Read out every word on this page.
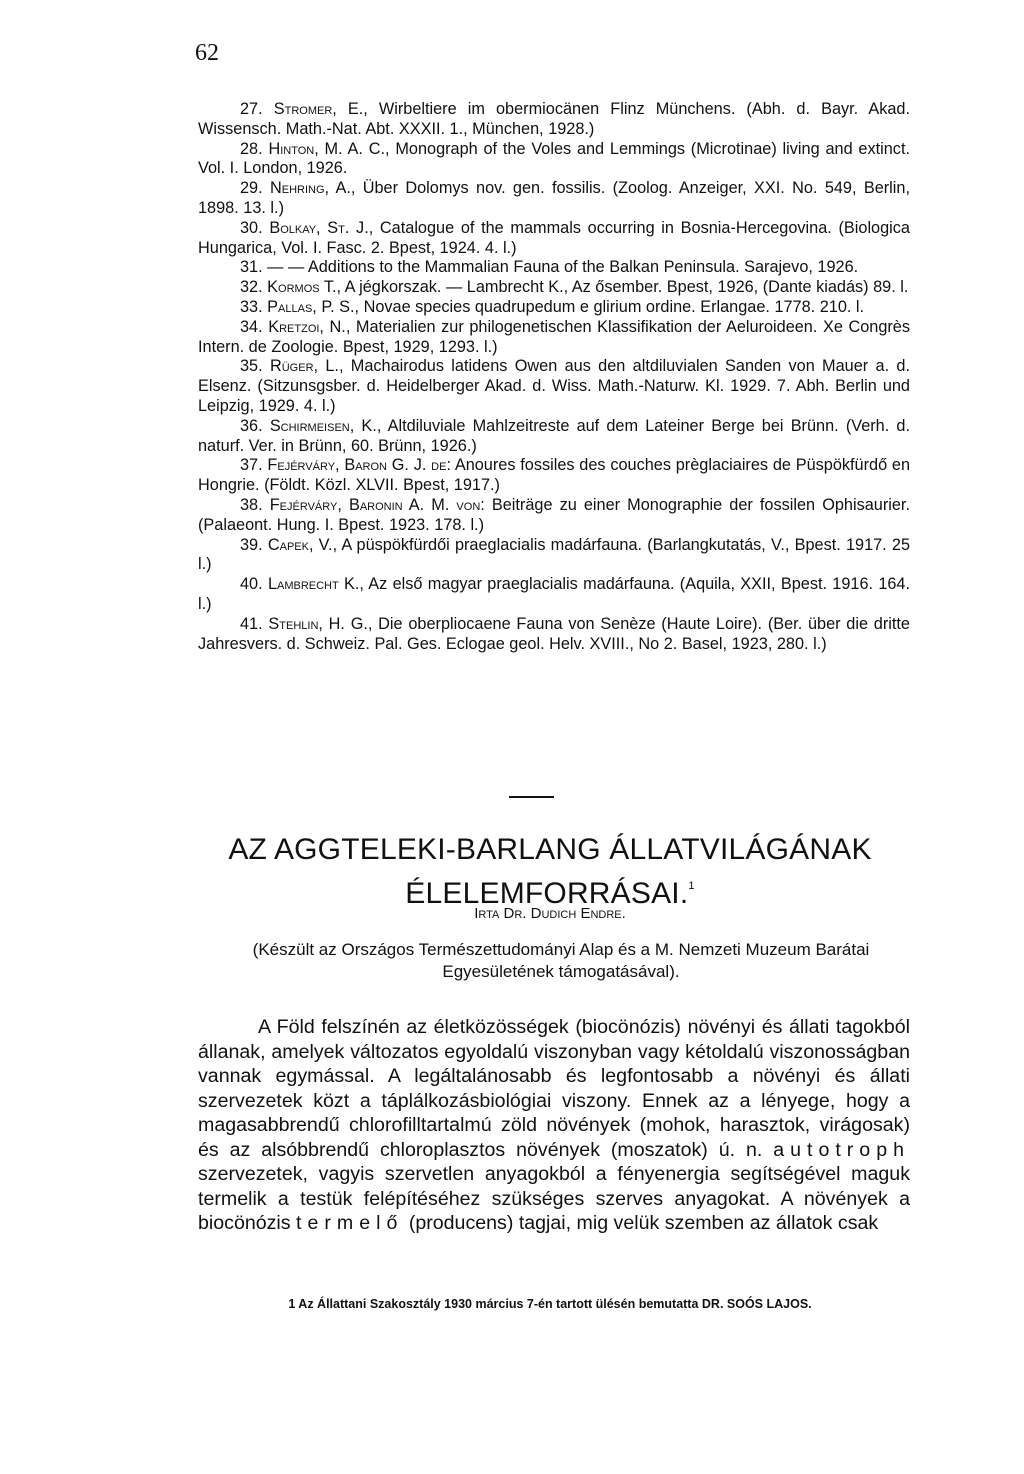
62

27. Stromer, E., Wirbeltiere im obermiocänen Flinz Münchens. (Abh. d. Bayr. Akad. Wissensch. Math.-Nat. Abt. XXXII. 1., München, 1928.)

28. Hinton, M. A. C., Monograph of the Voles and Lemmings (Microtinae) living and extinct. Vol. I. London, 1926.

29. Nehring, A., Über Dolomys nov. gen. fossilis. (Zoolog. Anzeiger, XXI. No. 549, Berlin, 1898. 13. l.)

30. Bolkay, St. J., Catalogue of the mammals occurring in Bosnia-Hercegovina. (Biologica Hungarica, Vol. I. Fasc. 2. Bpest, 1924. 4. l.)

31. — — Additions to the Mammalian Fauna of the Balkan Peninsula. Sarajevo, 1926.

32. Kormos T., A jégkorszak. — Lambrecht K., Az ősember. Bpest, 1926, (Dante kiadás) 89. l.

33. Pallas, P. S., Novae species quadrupedum e glirium ordine. Erlangae. 1778. 210. l.

34. Kretzoi, N., Materialien zur philogenetischen Klassifikation der Aeluroideen. Xe Congrès Intern. de Zoologie. Bpest, 1929, 1293. l.)

35. Rüger, L., Machairodus latidens Owen aus den altdiluvialen Sanden von Mauer a. d. Elsenz. (Sitzunsgsber. d. Heidelberger Akad. d. Wiss. Math.-Naturw. Kl. 1929. 7. Abh. Berlin und Leipzig, 1929. 4. l.)

36. Schirmeisen, K., Altdiluviale Mahlzeitreste auf dem Lateiner Berge bei Brünn. (Verh. d. naturf. Ver. in Brünn, 60. Brünn, 1926.)

37. Fejérváry, Baron G. J. de: Anoures fossiles des couches prèglaciaires de Püspökfürdő en Hongrie. (Földt. Közl. XLVII. Bpest, 1917.)

38. Fejérváry, Baronin A. M. von: Beiträge zu einer Monographie der fossilen Ophisaurier. (Palaeont. Hung. I. Bpest. 1923. 178. l.)

39. Capek, V., A püspökfürdői praeglacialis madárfauna. (Barlangkutatás, V., Bpest. 1917. 25 l.)

40. Lambrecht K., Az első magyar praeglacialis madárfauna. (Aquila, XXII, Bpest. 1916. 164. l.)

41. Stehlin, H. G., Die oberpliocaene Fauna von Senèze (Haute Loire). (Ber. über die dritte Jahresvers. d. Schweiz. Pal. Ges. Eclogae geol. Helv. XVIII., No 2. Basel, 1923, 280. l.)

AZ AGGTELEKI-BARLANG ÁLLATVILÁGÁNAK
ÉLELEMFORRÁSAI.$^1$
Irta Dr. Dudich Endre.
(Készült az Országos Természettudományi Alap és a M. Nemzeti Muzeum Barátai Egyesületének támogatásával).

A Föld felszínén az életközösségek (biocönózis) növényi és állati tagokból állanak, amelyek változatos egyoldalú viszonyban vagy kétoldalú viszonosságban vannak egymással. A legáltalánosabb és legfontosabb a növényi és állati szervezetek közt a táplálkozásbiológiai viszony. Ennek az a lényege, hogy a magasabbrendű chlorofilltartalmú zöld növények (mohok, harasztok, virágosak) és az alsóbbrendű chloroplasztos növények (moszatok) ú. n. autotroph szervezetek, vagyis szervetlen anyagokból a fényenergia segítségével maguk termelik a testük felépítéséhez szükséges szerves anyagokat. A növények a biocönózis termelő (producens) tagjai, mig velük szemben az állatok csak

1 Az Állattani Szakosztály 1930 március 7-én tartott ülésén bemutatta DR. SOÓS LAJOS.
